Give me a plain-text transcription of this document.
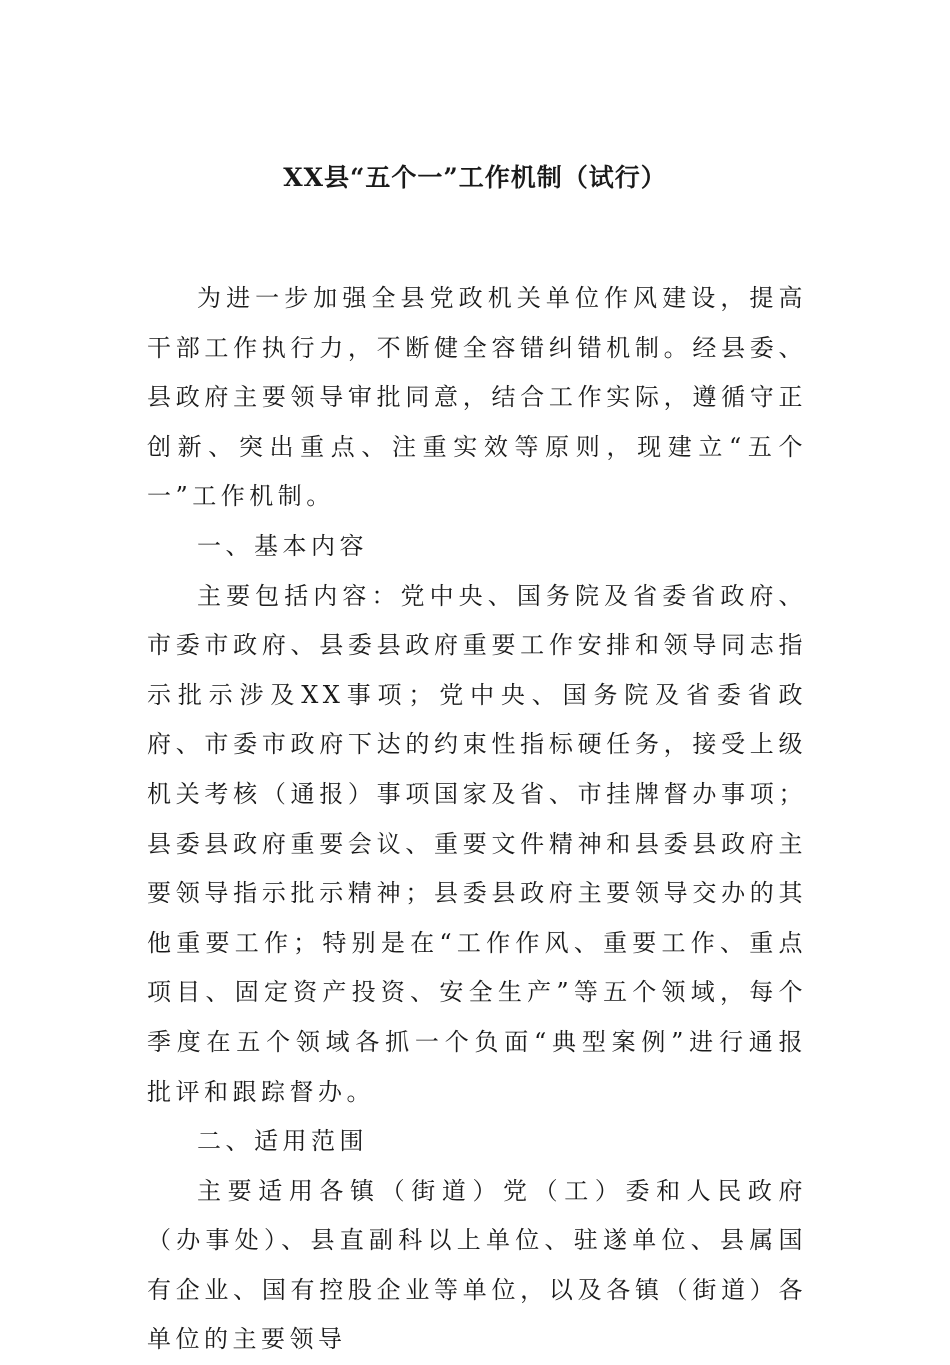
XX县“五个一”工作机制（试行）

为进一步加强全县党政机关单位作风建设，提高干部工作执行力，不断健全容错纠错机制。经县委、县政府主要领导审批同意，结合工作实际，遵循守正创新、突出重点、注重实效等原则，现建立“五个一”工作机制。

一、基本内容

主要包括内容：党中央、国务院及省委省政府、市委市政府、县委县政府重要工作安排和领导同志指示批示涉及XX事项；党中央、国务院及省委省政府、市委市政府下达的约束性指标硬任务，接受上级机关考核（通报）事项国家及省、市挂牌督办事项；县委县政府重要会议、重要文件精神和县委县政府主要领导指示批示精神；县委县政府主要领导交办的其他重要工作；特别是在“工作作风、重要工作、重点项目、固定资产投资、安全生产”等五个领域，每个季度在五个领域各抓一个负面“典型案例”进行通报批评和跟踪督办。

二、适用范围

主要适用各镇（街道）党（工）委和人民政府（办事处）、县直副科以上单位、驻遂单位、县属国有企业、国有控股企业等单位，以及各镇（街道）各单位的主要领导
